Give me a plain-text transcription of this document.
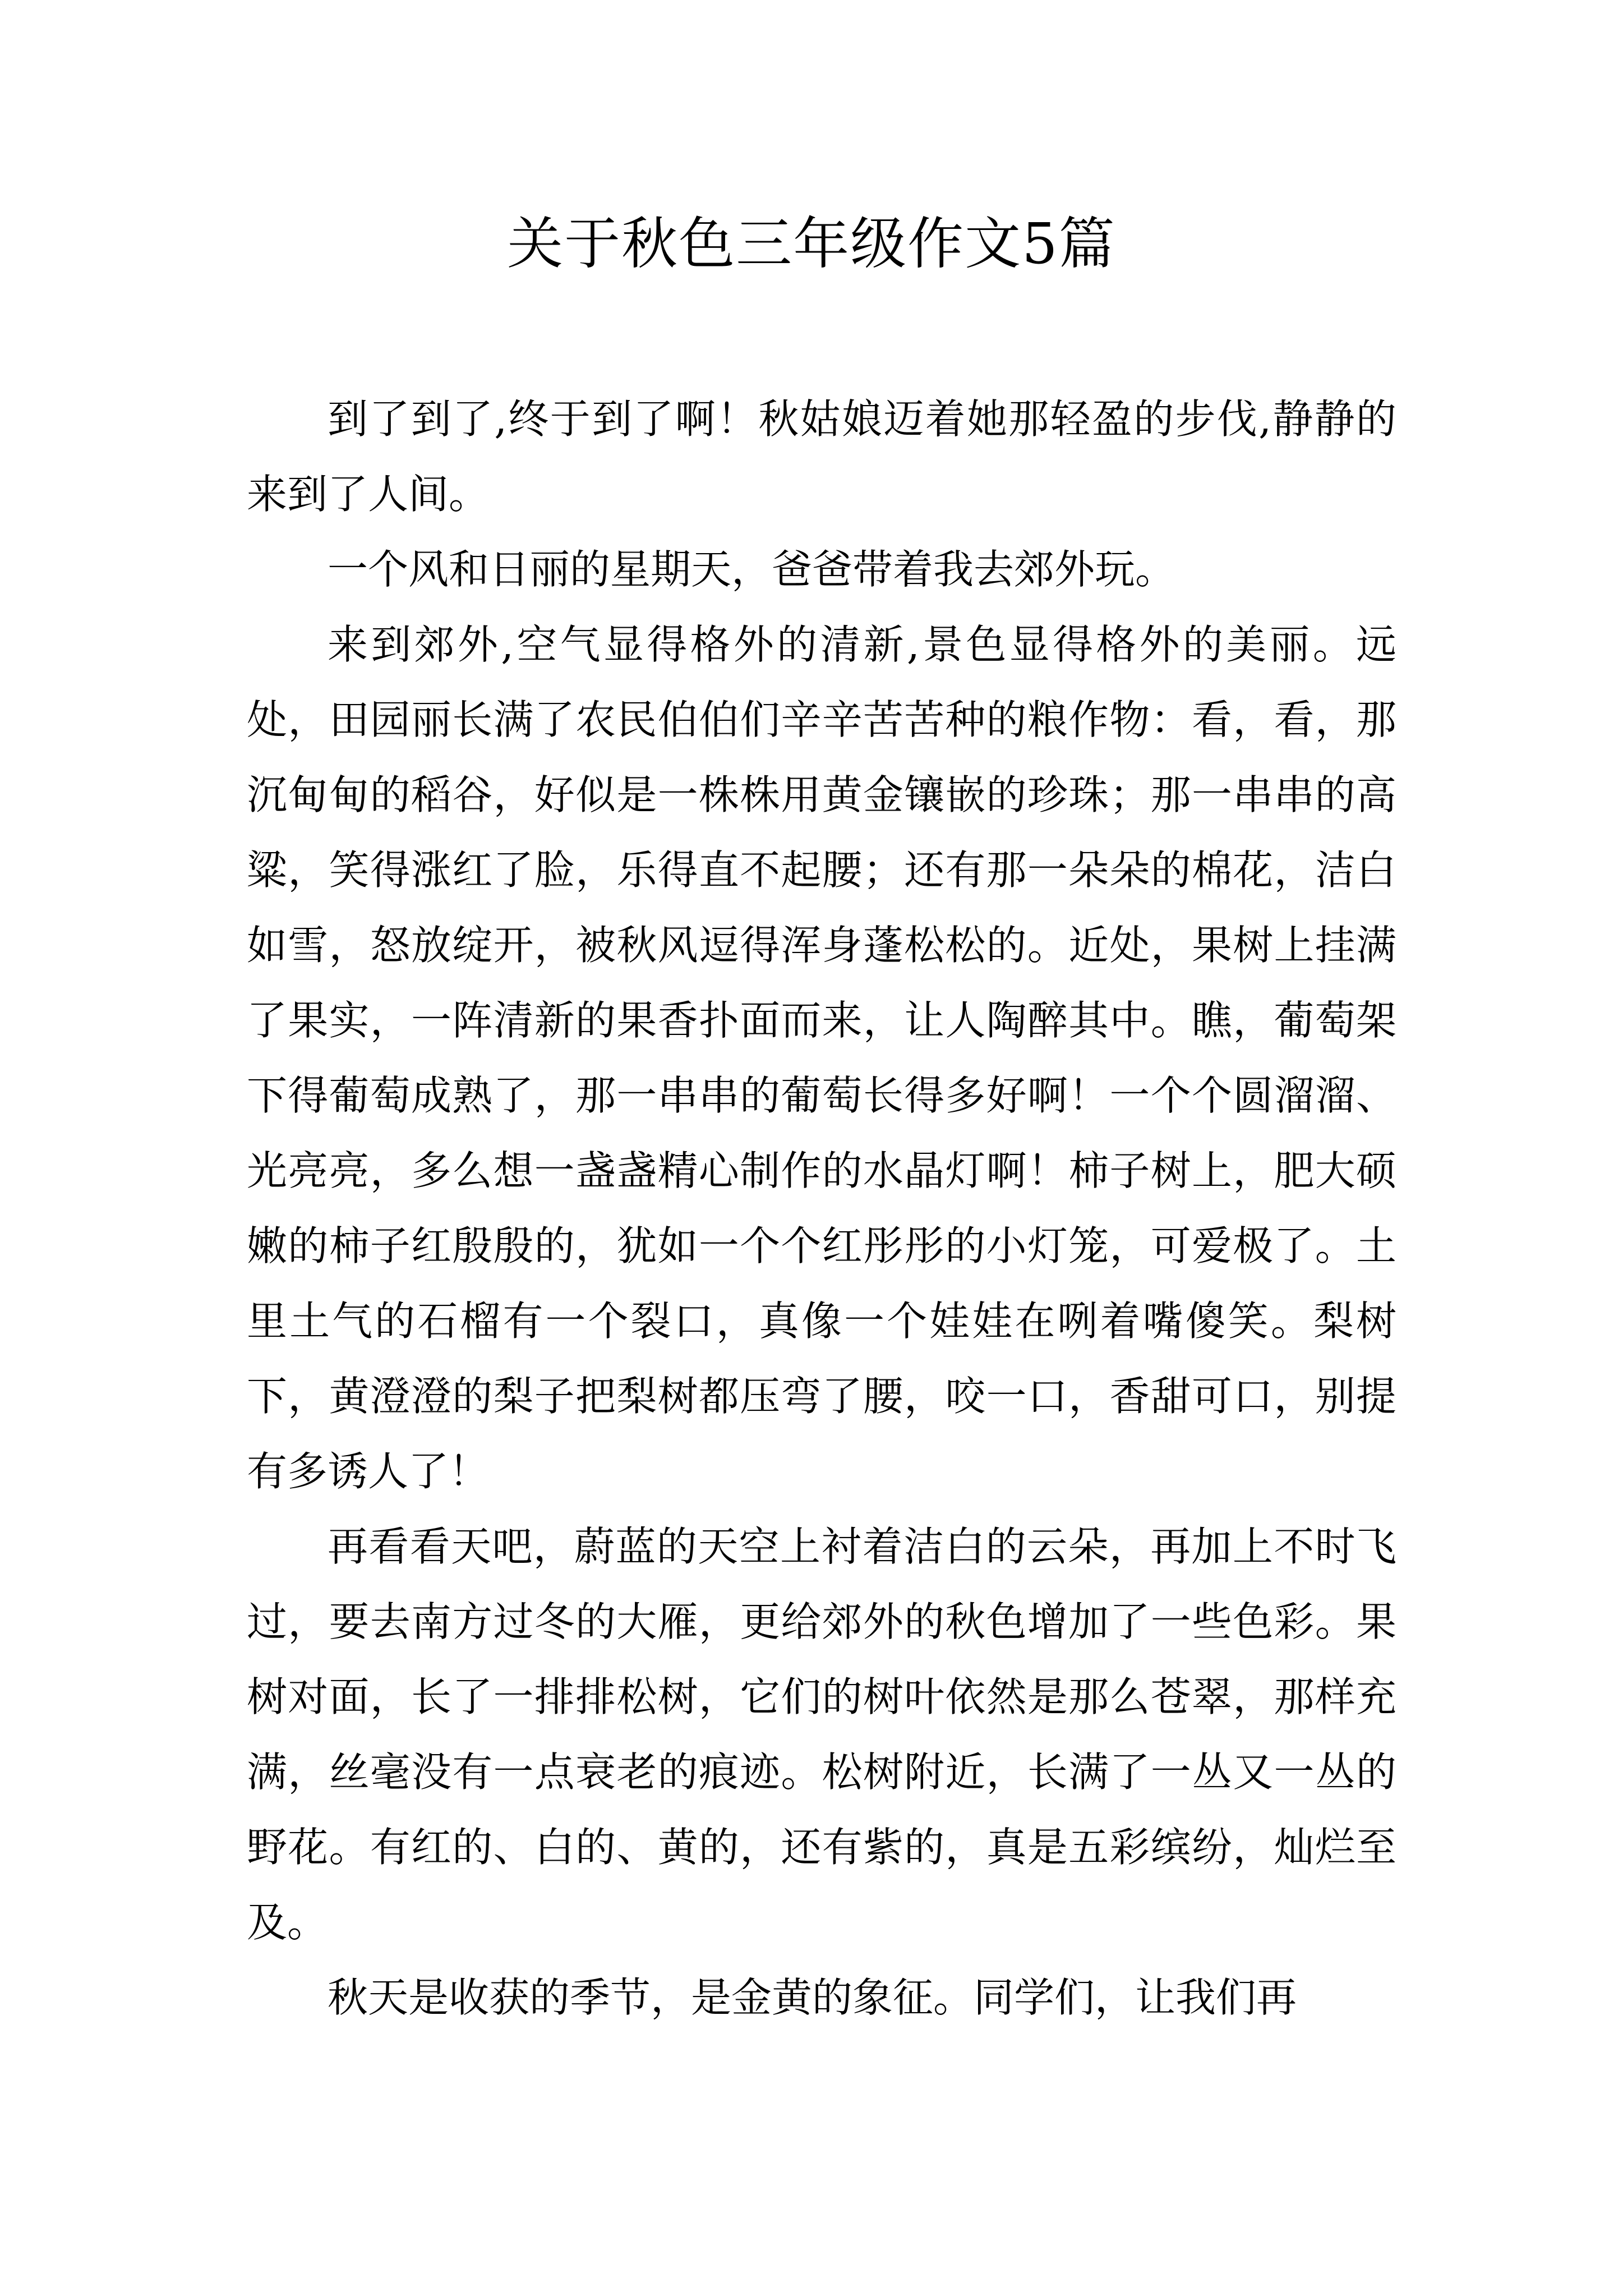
关于秋色三年级作文5篇

到了到了,终于到了啊！秋姑娘迈着她那轻盈的步伐,静静的来到了人间。

一个风和日丽的星期天，爸爸带着我去郊外玩。

来到郊外,空气显得格外的清新,景色显得格外的美丽。远处，田园丽长满了农民伯伯们辛辛苦苦种的粮作物：看，看，那沉甸甸的稻谷，好似是一株株用黄金镶嵌的珍珠；那一串串的高粱，笑得涨红了脸，乐得直不起腰；还有那一朵朵的棉花，洁白如雪，怒放绽开，被秋风逗得浑身蓬松松的。近处，果树上挂满了果实，一阵清新的果香扑面而来，让人陶醉其中。瞧，葡萄架下得葡萄成熟了，那一串串的葡萄长得多好啊！一个个圆溜溜、光亮亮，多么想一盏盏精心制作的水晶灯啊！柿子树上，肥大硕嫩的柿子红殷殷的，犹如一个个红彤彤的小灯笼，可爱极了。土里土气的石榴有一个裂口，真像一个娃娃在咧着嘴傻笑。梨树下，黄澄澄的梨子把梨树都压弯了腰，咬一口，香甜可口，别提有多诱人了！

再看看天吧，蔚蓝的天空上衬着洁白的云朵，再加上不时飞过，要去南方过冬的大雁，更给郊外的秋色增加了一些色彩。果树对面，长了一排排松树，它们的树叶依然是那么苍翠，那样充满，丝毫没有一点衰老的痕迹。松树附近，长满了一丛又一丛的野花。有红的、白的、黄的，还有紫的，真是五彩缤纷，灿烂至及。

秋天是收获的季节，是金黄的象征。同学们，让我们再
